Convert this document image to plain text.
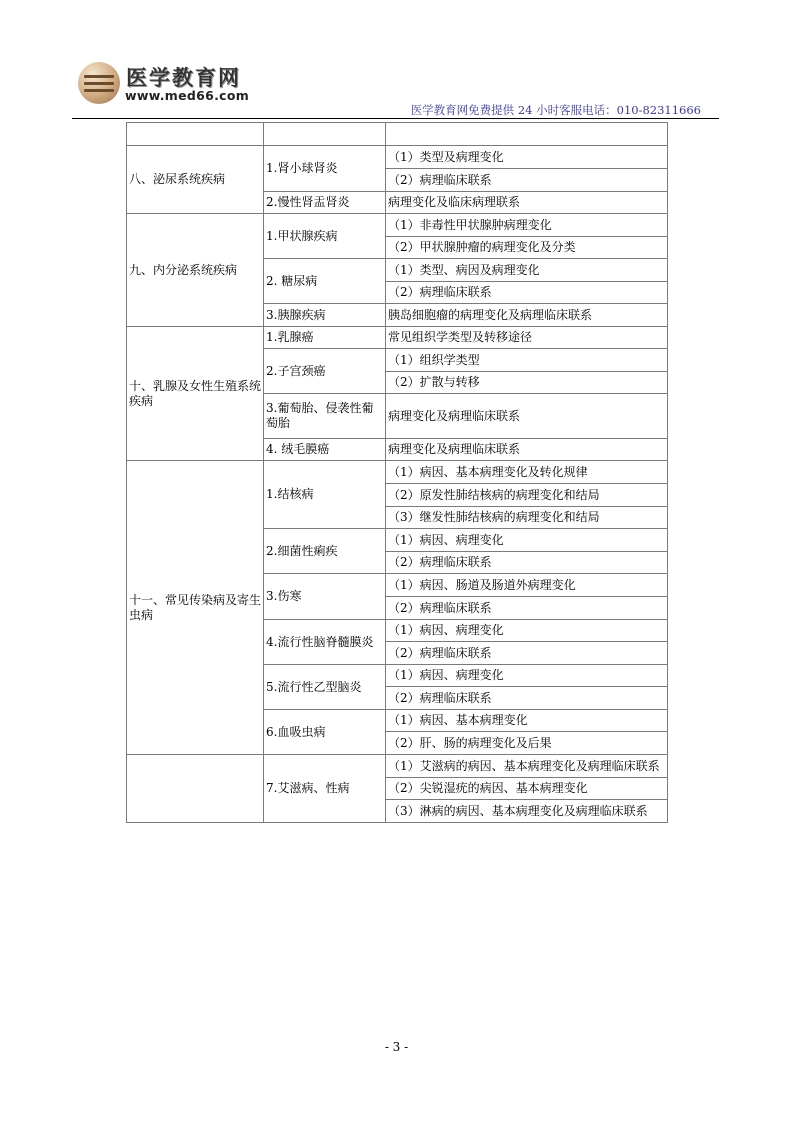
医学教育网
www.med66.com
医学教育网免费提供 24 小时客服电话：010-82311666

八、泌尿系统疾病	1.肾小球肾炎	（1）类型及病理变化
		（2）病理临床联系
	2.慢性肾盂肾炎	病理变化及临床病理联系
九、内分泌系统疾病	1.甲状腺疾病	（1）非毒性甲状腺肿病理变化
		（2）甲状腺肿瘤的病理变化及分类
	2. 糖尿病	（1）类型、病因及病理变化
		（2）病理临床联系
	3.胰腺疾病	胰岛细胞瘤的病理变化及病理临床联系
十、乳腺及女性生殖系统疾病	1.乳腺癌	常见组织学类型及转移途径
	2.子宫颈癌	（1）组织学类型
		（2）扩散与转移
	3.葡萄胎、侵袭性葡萄胎	病理变化及病理临床联系
	4. 绒毛膜癌	病理变化及病理临床联系
十一、常见传染病及寄生虫病	1.结核病	（1）病因、基本病理变化及转化规律
		（2）原发性肺结核病的病理变化和结局
		（3）继发性肺结核病的病理变化和结局
	2.细菌性痢疾	（1）病因、病理变化
		（2）病理临床联系
	3.伤寒	（1）病因、肠道及肠道外病理变化
		（2）病理临床联系
	4.流行性脑脊髓膜炎	（1）病因、病理变化
		（2）病理临床联系
	5.流行性乙型脑炎	（1）病因、病理变化
		（2）病理临床联系
	6.血吸虫病	（1）病因、基本病理变化
		（2）肝、肠的病理变化及后果
	7.艾滋病、性病	（1）艾滋病的病因、基本病理变化及病理临床联系
		（2）尖锐湿疣的病因、基本病理变化
		（3）淋病的病因、基本病理变化及病理临床联系
- 3 -
